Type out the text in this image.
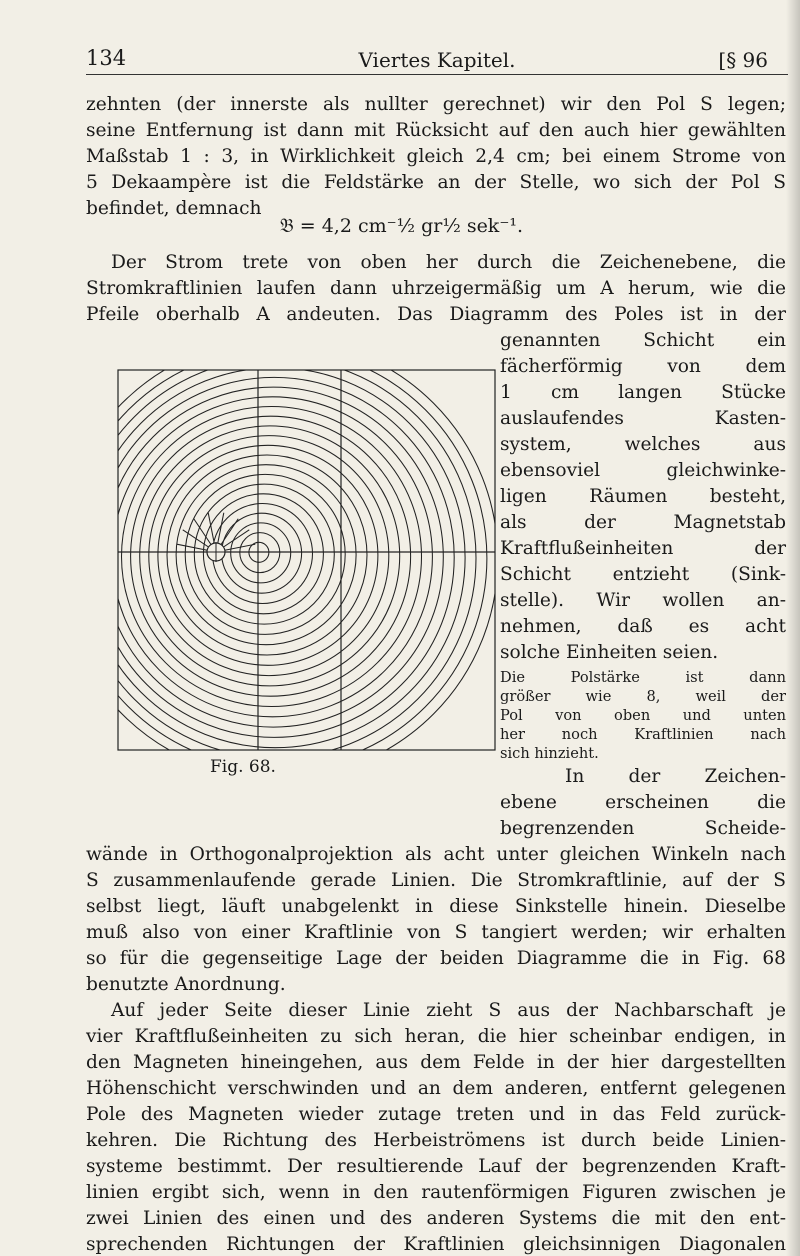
134	Viertes Kapitel.	[§ 96
zehnten (der innerste als nullter gerechnet) wir den Pol S legen;
seine Entfernung ist dann mit Rücksicht auf den auch hier gewählten
Maßstab 1 : 3, in Wirklichkeit gleich 2,4 cm; bei einem Strome von
5 Dekaampère ist die Feldstärke an der Stelle, wo sich der Pol S
befindet, demnach
𝔅 = 4,2 cm⁻½ gr½ sek⁻¹.
Der Strom trete von oben her durch die Zeichenebene, die
Stromkraftlinien laufen dann uhrzeigermäßig um A herum, wie die
Pfeile oberhalb A andeuten. Das Diagramm des Poles ist in der
genannten Schicht ein
fächerförmig von dem
1 cm langen Stücke
auslaufendes Kasten-
system, welches aus
ebensoviel gleichwinke-
ligen Räumen besteht,
als der Magnetstab
Kraftflußeinheiten der
Schicht entzieht (Sink-
stelle). Wir wollen an-
nehmen, daß es acht
solche Einheiten seien.
Die Polstärke ist dann
größer wie 8, weil der
Pol von oben und unten
her noch Kraftlinien nach
sich hinzieht.
In der Zeichen-
ebene erscheinen die
begrenzenden Scheide-
Fig. 68.
wände in Orthogonalprojektion als acht unter gleichen Winkeln nach
S zusammenlaufende gerade Linien. Die Stromkraftlinie, auf der S
selbst liegt, läuft unabgelenkt in diese Sinkstelle hinein. Dieselbe
muß also von einer Kraftlinie von S tangiert werden; wir erhalten
so für die gegenseitige Lage der beiden Diagramme die in Fig. 68
benutzte Anordnung.
Auf jeder Seite dieser Linie zieht S aus der Nachbarschaft je
vier Kraftflußeinheiten zu sich heran, die hier scheinbar endigen, in
den Magneten hineingehen, aus dem Felde in der hier dargestellten
Höhenschicht verschwinden und an dem anderen, entfernt gelegenen
Pole des Magneten wieder zutage treten und in das Feld zurück-
kehren. Die Richtung des Herbeiströmens ist durch beide Linien-
systeme bestimmt. Der resultierende Lauf der begrenzenden Kraft-
linien ergibt sich, wenn in den rautenförmigen Figuren zwischen je
zwei Linien des einen und des anderen Systems die mit den ent-
sprechenden Richtungen der Kraftlinien gleichsinnigen Diagonalen
